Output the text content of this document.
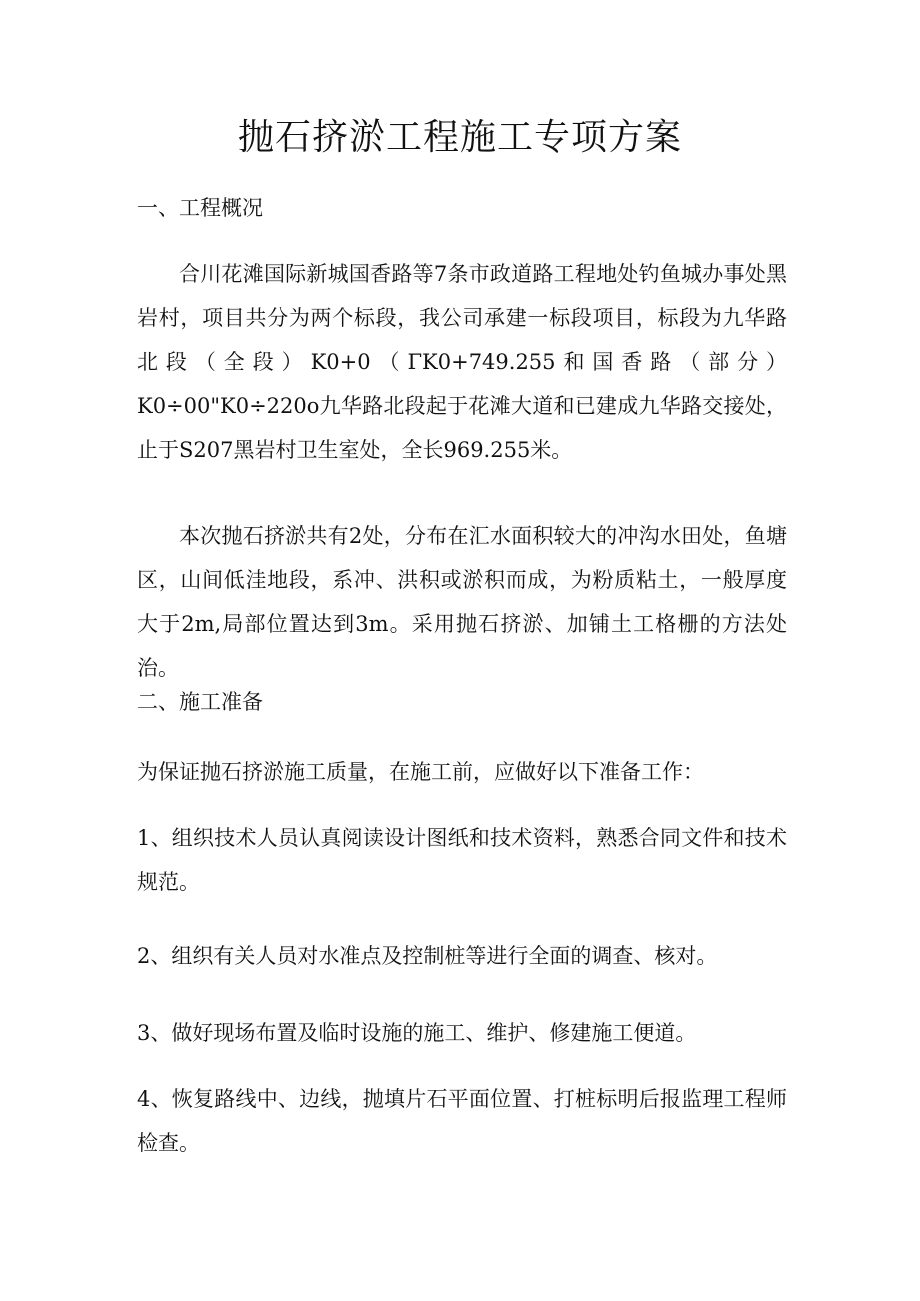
抛石挤淤工程施工专项方案
一、工程概况

合川花滩国际新城国香路等7条市政道路工程地处钓鱼城办事处黑岩村，项目共分为两个标段，我公司承建一标段项目，标段为九华路北段（全段）K0+0（ΓK0+749.255和国香路（部分）K0÷00"K0÷220o九华路北段起于花滩大道和已建成九华路交接处，止于S207黑岩村卫生室处，全长969.255米。

本次抛石挤淤共有2处，分布在汇水面积较大的冲沟水田处，鱼塘区，山间低洼地段，系冲、洪积或淤积而成，为粉质粘土，一般厚度大于2m,局部位置达到3m。采用抛石挤淤、加铺土工格栅的方法处治。

二、施工准备

为保证抛石挤淤施工质量，在施工前，应做好以下准备工作：

1、组织技术人员认真阅读设计图纸和技术资料，熟悉合同文件和技术规范。

2、组织有关人员对水准点及控制桩等进行全面的调查、核对。

3、做好现场布置及临时设施的施工、维护、修建施工便道。

4、恢复路线中、边线，抛填片石平面位置、打桩标明后报监理工程师检查。
